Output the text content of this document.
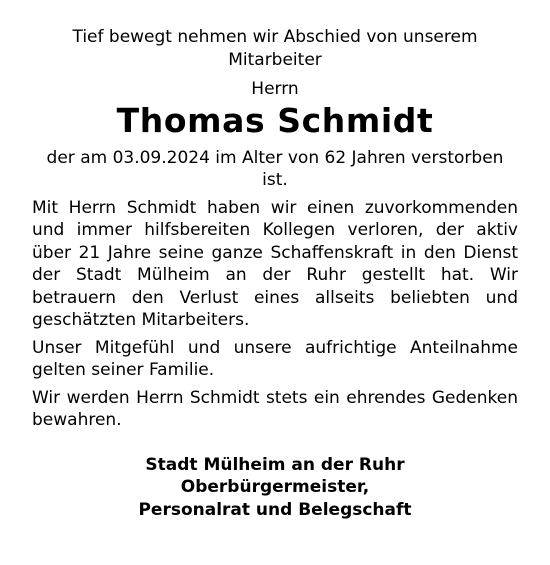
Tief bewegt nehmen wir Abschied von unserem Mitarbeiter

Herrn

Thomas Schmidt

der am 03.09.2024 im Alter von 62 Jahren verstorben ist.

Mit Herrn Schmidt haben wir einen zuvorkommenden und immer hilfsbereiten Kollegen verloren, der aktiv über 21 Jahre seine ganze Schaffenskraft in den Dienst der Stadt Mülheim an der Ruhr gestellt hat. Wir betrauern den Verlust eines allseits beliebten und geschätzten Mitarbeiters.

Unser Mitgefühl und unsere aufrichtige Anteilnahme gelten seiner Familie.

Wir werden Herrn Schmidt stets ein ehrendes Gedenken bewahren.

Stadt Mülheim an der Ruhr
Oberbürgermeister,
Personalrat und Belegschaft
